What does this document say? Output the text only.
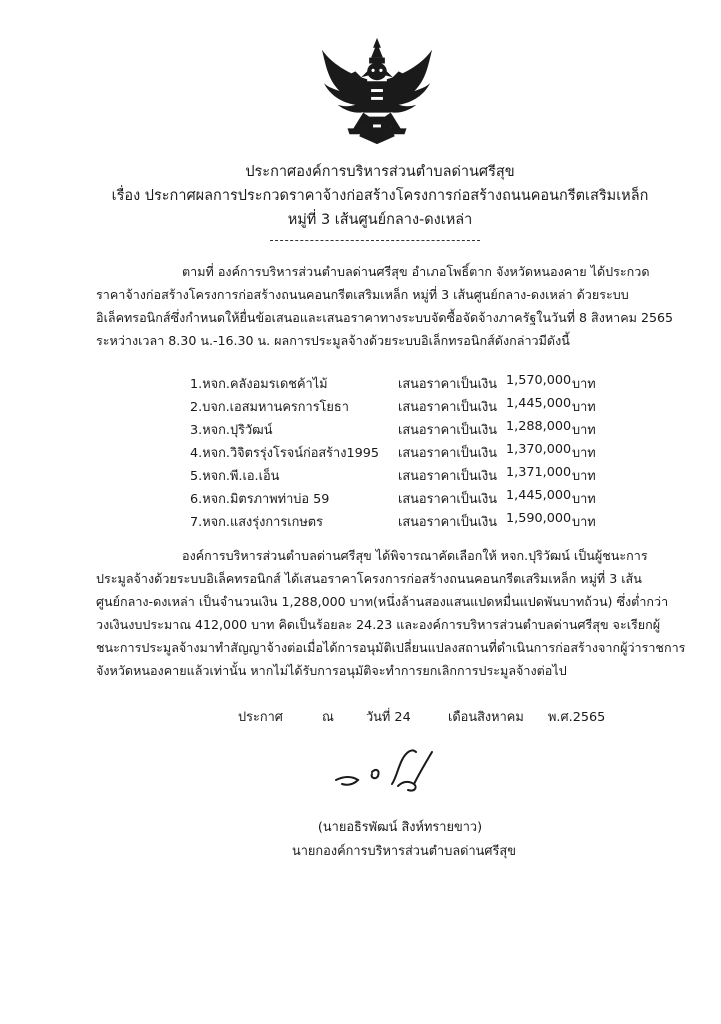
ประกาศองค์การบริหารส่วนตำบลด่านศรีสุข
เรื่อง ประกาศผลการประกวดราคาจ้างก่อสร้างโครงการก่อสร้างถนนคอนกรีตเสริมเหล็ก
หมู่ที่ 3 เส้นศูนย์กลาง-ดงเหล่า
ตามที่ องค์การบริหารส่วนตำบลด่านศรีสุข อำเภอโพธิ์ตาก จังหวัดหนองคาย ได้ประกวด
ราคาจ้างก่อสร้างโครงการก่อสร้างถนนคอนกรีตเสริมเหล็ก หมู่ที่ 3 เส้นศูนย์กลาง-ดงเหล่า ด้วยระบบ
อิเล็คทรอนิกส์ซึ่งกำหนดให้ยื่นข้อเสนอและเสนอราคาทางระบบจัดซื้อจัดจ้างภาครัฐในวันที่ 8 สิงหาคม 2565
ระหว่างเวลา 8.30 น.-16.30 น. ผลการประมูลจ้างด้วยระบบอิเล็กทรอนิกส์ดังกล่าวมีดังนี้
1.หจก.คลังอมรเดชค้าไม้	เสนอราคาเป็นเงิน 1,570,000 บาท
2.บจก.เอสมหานครการโยธา	เสนอราคาเป็นเงิน 1,445,000 บาท
3.หจก.ปุริวัฒน์	เสนอราคาเป็นเงิน 1,288,000 บาท
4.หจก.วิจิตรรุ่งโรจน์ก่อสร้าง1995 เสนอราคาเป็นเงิน 1,370,000 บาท
5.หจก.พี.เอ.เอ็น	เสนอราคาเป็นเงิน 1,371,000 บาท
6.หจก.มิตรภาพท่าบ่อ 59	เสนอราคาเป็นเงิน 1,445,000 บาท
7.หจก.แสงรุ่งการเกษตร	เสนอราคาเป็นเงิน 1,590,000 บาท
องค์การบริหารส่วนตำบลด่านศรีสุข ได้พิจารณาคัดเลือกให้ หจก.ปุริวัฒน์ เป็นผู้ชนะการ
ประมูลจ้างด้วยระบบอิเล็คทรอนิกส์ ได้เสนอราคาโครงการก่อสร้างถนนคอนกรีตเสริมเหล็ก หมู่ที่ 3 เส้น
ศูนย์กลาง-ดงเหล่า เป็นจำนวนเงิน 1,288,000 บาท(หนึ่งล้านสองแสนแปดหมื่นแปดพันบาทถ้วน) ซึ่งต่ำกว่า
วงเงินงบประมาณ 412,000 บาท คิดเป็นร้อยละ 24.23 และองค์การบริหารส่วนตำบลด่านศรีสุข จะเรียกผู้
ชนะการประมูลจ้างมาทำสัญญาจ้างต่อเมื่อได้การอนุมัติเปลี่ยนแปลงสถานที่ดำเนินการก่อสร้างจากผู้ว่าราชการ
จังหวัดหนองคายแล้วเท่านั้น หากไม่ได้รับการอนุมัติจะทำการยกเลิกการประมูลจ้างต่อไป
ประกาศ	ณ	วันที่ 24	เดือนสิงหาคม พ.ศ.2565
(นายอธิรพัฒน์ สิงห์ทรายขาว)
นายกองค์การบริหารส่วนตำบลด่านศรีสุข
